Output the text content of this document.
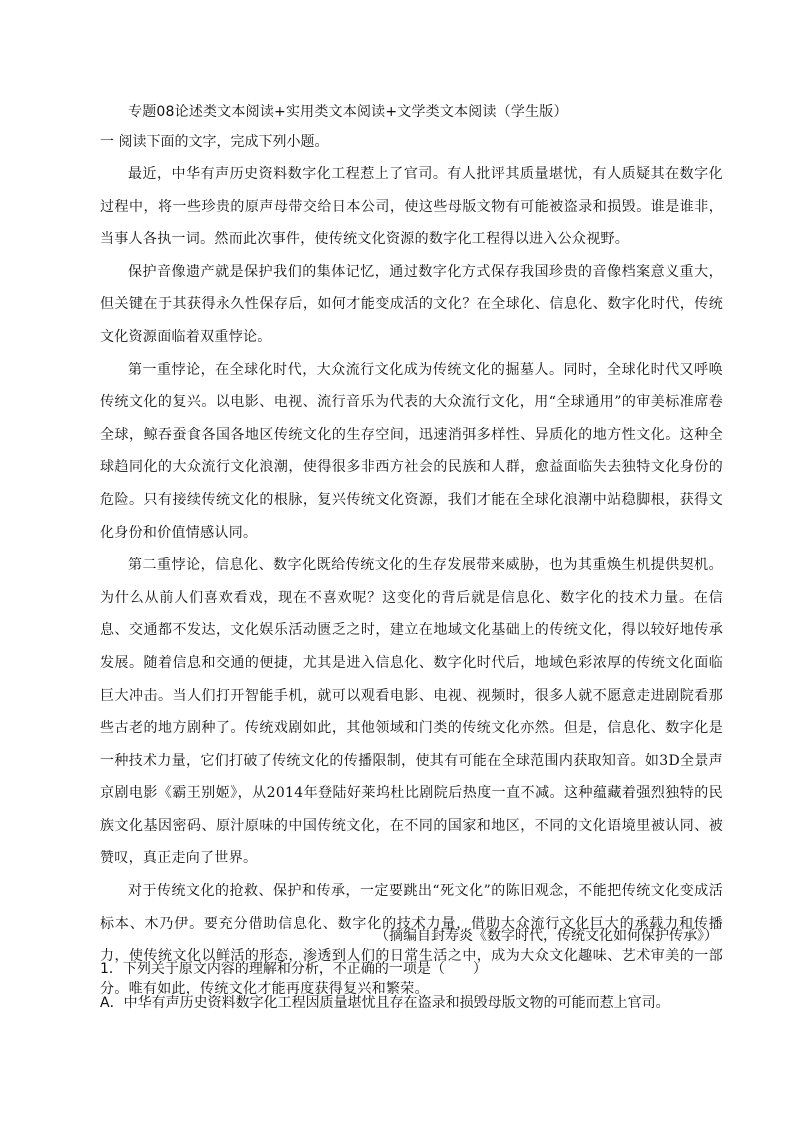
专题08论述类文本阅读+实用类文本阅读+文学类文本阅读（学生版）
一 阅读下面的文字，完成下列小题。

最近，中华有声历史资料数字化工程惹上了官司。有人批评其质量堪忧，有人质疑其在数字化过程中，将一些珍贵的原声母带交给日本公司，使这些母版文物有可能被盗录和损毁。谁是谁非，当事人各执一词。然而此次事件，使传统文化资源的数字化工程得以进入公众视野。

保护音像遗产就是保护我们的集体记忆，通过数字化方式保存我国珍贵的音像档案意义重大，但关键在于其获得永久性保存后，如何才能变成活的文化？在全球化、信息化、数字化时代，传统文化资源面临着双重悖论。

第一重悖论，在全球化时代，大众流行文化成为传统文化的掘墓人。同时，全球化时代又呼唤传统文化的复兴。以电影、电视、流行音乐为代表的大众流行文化，用“全球通用”的审美标准席卷全球，鲸吞蚕食各国各地区传统文化的生存空间，迅速消弭多样性、异质化的地方性文化。这种全球趋同化的大众流行文化浪潮，使得很多非西方社会的民族和人群，愈益面临失去独特文化身份的危险。只有接续传统文化的根脉，复兴传统文化资源，我们才能在全球化浪潮中站稳脚根，获得文化身份和价值情感认同。

第二重悖论，信息化、数字化既给传统文化的生存发展带来威胁，也为其重焕生机提供契机。为什么从前人们喜欢看戏，现在不喜欢呢？这变化的背后就是信息化、数字化的技术力量。在信息、交通都不发达，文化娱乐活动匮乏之时，建立在地域文化基础上的传统文化，得以较好地传承发展。随着信息和交通的便捷，尤其是进入信息化、数字化时代后，地域色彩浓厚的传统文化面临巨大冲击。当人们打开智能手机，就可以观看电影、电视、视频时，很多人就不愿意走进剧院看那些古老的地方剧种了。传统戏剧如此，其他领域和门类的传统文化亦然。但是，信息化、数字化是一种技术力量，它们打破了传统文化的传播限制，使其有可能在全球范围内获取知音。如3D全景声京剧电影《霸王别姬》，从2014年登陆好莱坞杜比剧院后热度一直不减。这种蕴藏着强烈独特的民族文化基因密码、原汁原味的中国传统文化，在不同的国家和地区，不同的文化语境里被认同、被赞叹，真正走向了世界。

对于传统文化的抢救、保护和传承，一定要跳出“死文化”的陈旧观念，不能把传统文化变成活标本、木乃伊。要充分借助信息化、数字化的技术力量，借助大众流行文化巨大的承载力和传播力，使传统文化以鲜活的形态，渗透到人们的日常生活之中，成为大众文化趣味、艺术审美的一部分。唯有如此，传统文化才能再度获得复兴和繁荣。

（摘编自封寿炎《数字时代，传统文化如何保护传承》）
1．下列关于原文内容的理解和分析，不正确的一项是（　　）
A．中华有声历史资料数字化工程因质量堪忧且存在盗录和损毁母版文物的可能而惹上官司。
